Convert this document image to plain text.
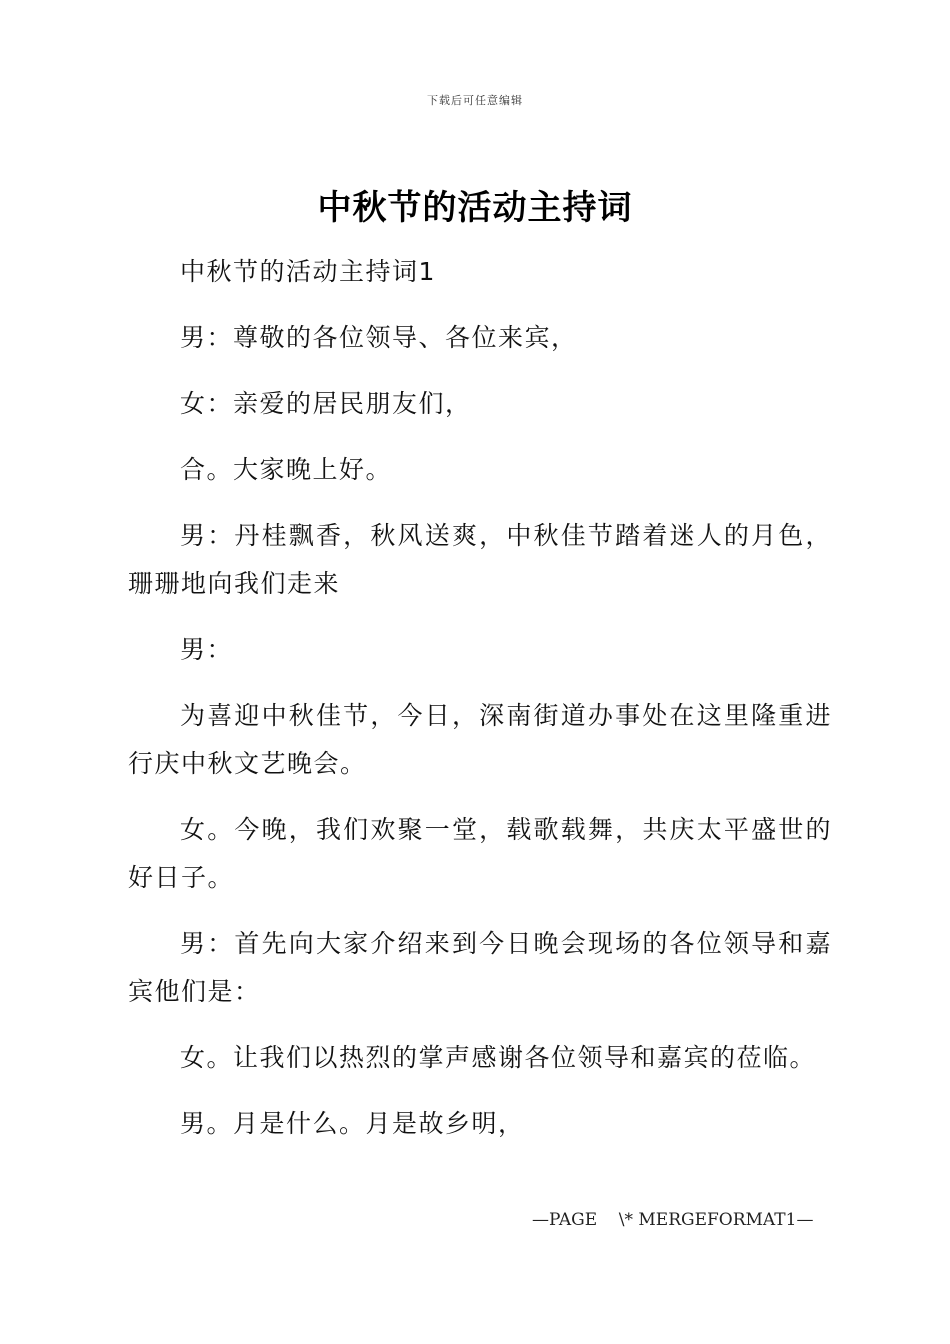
下载后可任意编辑
中秋节的活动主持词

中秋节的活动主持词1

男：尊敬的各位领导、各位来宾，

女：亲爱的居民朋友们，

合。大家晚上好。

男：丹桂飘香，秋风送爽，中秋佳节踏着迷人的月色，珊珊地向我们走来

男：

为喜迎中秋佳节，今日，深南街道办事处在这里隆重进行庆中秋文艺晚会。

女。今晚，我们欢聚一堂，载歌载舞，共庆太平盛世的好日子。

男：首先向大家介绍来到今日晚会现场的各位领导和嘉宾他们是：

女。让我们以热烈的掌声感谢各位领导和嘉宾的莅临。

男。月是什么。月是故乡明，

—PAGE    \* MERGEFORMAT1—
